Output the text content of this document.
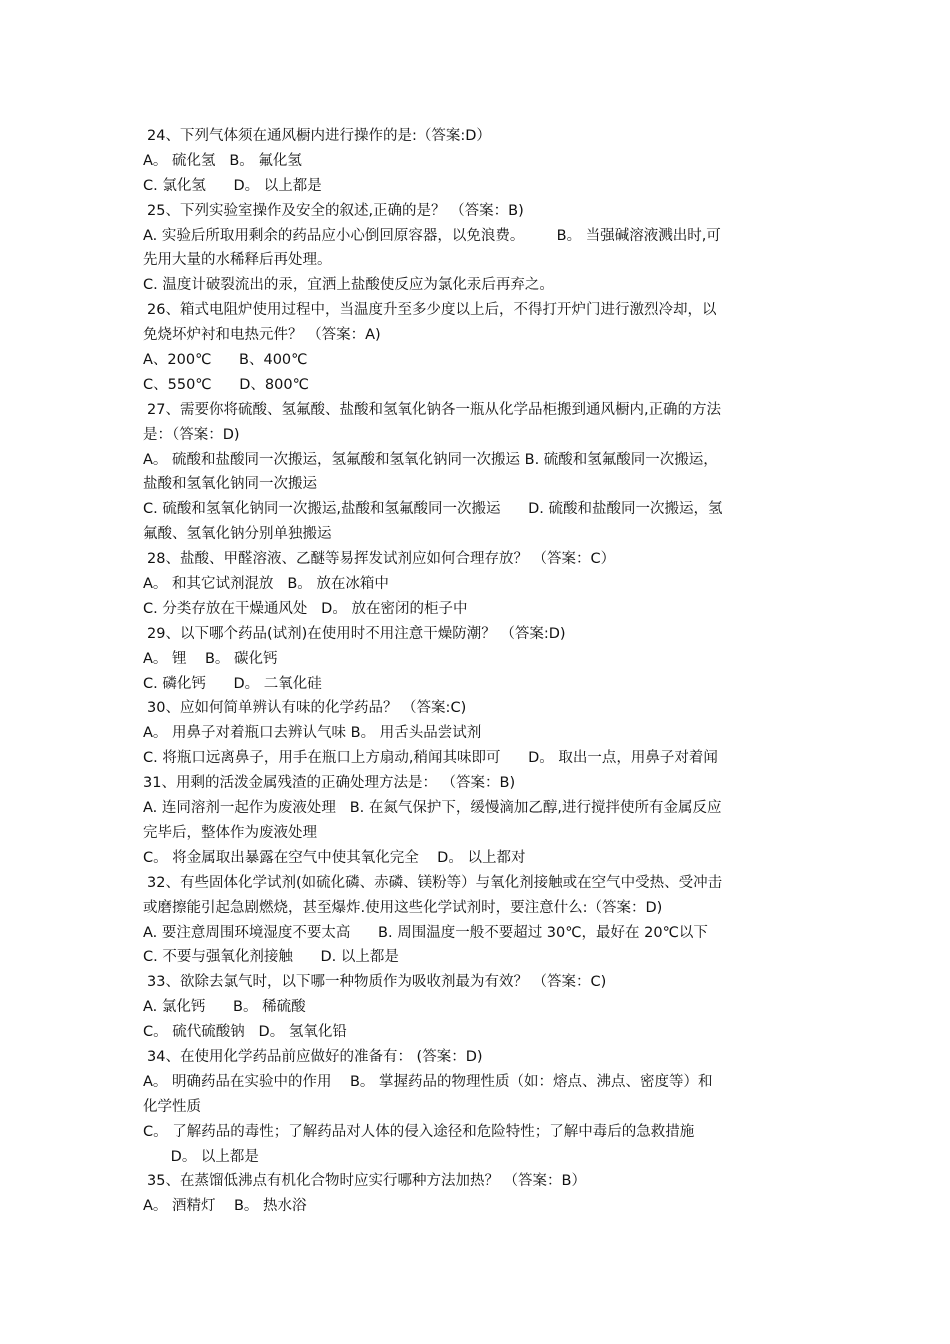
24、下列气体须在通风橱内进行操作的是:（答案:D）
A。 硫化氢   B。 氟化氢
C. 氯化氢      D。 以上都是
25、下列实验室操作及安全的叙述,正确的是？ （答案：B)
A. 实验后所取用剩余的药品应小心倒回原容器，以免浪费。       B。 当强碱溶液溅出时,可
先用大量的水稀释后再处理。
C. 温度计破裂流出的汞，宜洒上盐酸使反应为氯化汞后再弃之。
26、箱式电阻炉使用过程中，当温度升至多少度以上后，不得打开炉门进行激烈冷却，以
免烧坏炉衬和电热元件？ （答案：A)
A、200℃      B、400℃
C、550℃      D、800℃
27、需要你将硫酸、氢氟酸、盐酸和氢氧化钠各一瓶从化学品柜搬到通风橱内,正确的方法
是：（答案：D)
A。 硫酸和盐酸同一次搬运，氢氟酸和氢氧化钠同一次搬运 B. 硫酸和氢氟酸同一次搬运，
盐酸和氢氧化钠同一次搬运
C. 硫酸和氢氧化钠同一次搬运,盐酸和氢氟酸同一次搬运      D. 硫酸和盐酸同一次搬运，氢
氟酸、氢氧化钠分别单独搬运
28、盐酸、甲醛溶液、乙醚等易挥发试剂应如何合理存放？ （答案：C）
A。 和其它试剂混放   B。 放在冰箱中
C. 分类存放在干燥通风处   D。 放在密闭的柜子中
29、以下哪个药品(试剂)在使用时不用注意干燥防潮？ （答案:D)
A。 锂    B。 碳化钙
C. 磷化钙      D。 二氧化硅
30、应如何简单辨认有味的化学药品？ （答案:C)
A。 用鼻子对着瓶口去辨认气味 B。 用舌头品尝试剂
C. 将瓶口远离鼻子，用手在瓶口上方扇动,稍闻其味即可      D。 取出一点，用鼻子对着闻
31、用剩的活泼金属残渣的正确处理方法是： （答案：B)
A. 连同溶剂一起作为废液处理   B. 在氮气保护下，缓慢滴加乙醇,进行搅拌使所有金属反应
完毕后，整体作为废液处理
C。 将金属取出暴露在空气中使其氧化完全    D。 以上都对
32、有些固体化学试剂(如硫化磷、赤磷、镁粉等）与氧化剂接触或在空气中受热、受冲击
或磨擦能引起急剧燃烧，甚至爆炸.使用这些化学试剂时，要注意什么:（答案：D)
A. 要注意周围环境湿度不要太高      B. 周围温度一般不要超过 30℃，最好在 20℃以下
C. 不要与强氧化剂接触      D. 以上都是
33、欲除去氯气时，以下哪一种物质作为吸收剂最为有效？ （答案：C)
A. 氯化钙      B。 稀硫酸
C。 硫代硫酸钠   D。 氢氧化铅
34、在使用化学药品前应做好的准备有： (答案：D)
A。 明确药品在实验中的作用    B。 掌握药品的物理性质（如：熔点、沸点、密度等）和
化学性质
C。 了解药品的毒性；了解药品对人体的侵入途径和危险特性；了解中毒后的急救措施
D。 以上都是
35、在蒸馏低沸点有机化合物时应实行哪种方法加热？ （答案：B）
A。 酒精灯    B。 热水浴
